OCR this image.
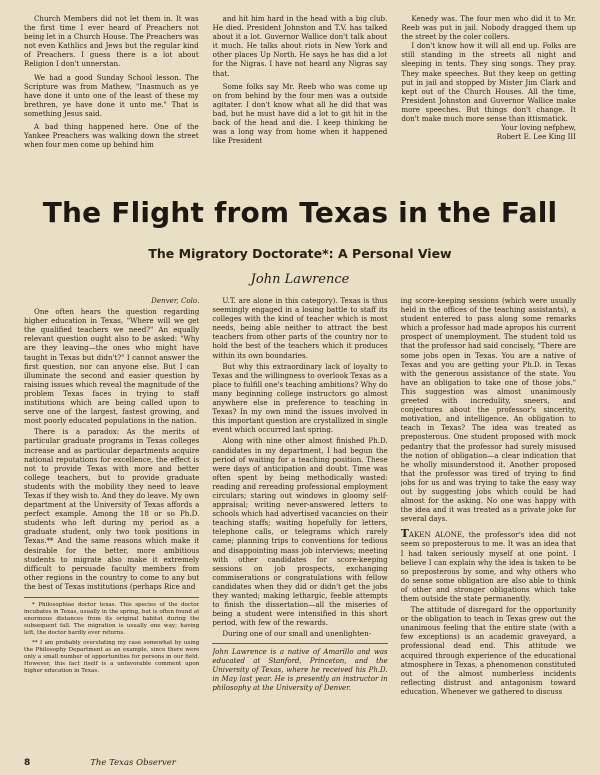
Church Members did not let them in. It was the first time I ever heard of Preachers not being let in a Church House. The Preachers was not even Kathlics and Jews but the regular kind of Preachers. I guess there is a lot about Religion I don't unnerstan.

We had a good Sunday School lesson. The Scripture was from Mathew, "Inasmuch as ye have done it unto one of the least of these my brethren, ye have done it unto me." That is something Jesus said.

A bad thing happened here. One of the Yankee Preachers was walking down the street when four men come up behind him

and hit him hard in the head with a big club. He died. President Johnston and T.V. has talked about it a lot. Guvernor Wallice don't talk about it much. He talks about riots in New York and other places Up North. He says he has did a lot for the Nigras. I have not heard any Nigras say that.

Some folks say Mr. Reeb who was come up on from behind by the four men was a outside agitater. I don't know what all he did that was bad, but he must have did a lot to git hit in the back of the head and die. I keep thinking he was a long way from home when it happened like President

Kenedy was. The four men who did it to Mr. Reeb was put in jail. Nobody dragged them up the street by the coler collers.

I don't know how it will all end up. Folks are still standing in the streets all night and sleeping in tents. They sing songs. They pray. They make speeches. But they keep on getting put in jail and stopped by Mister Jim Clark and kept out of the Church Houses. All the time, President Johnston and Guvernor Wallice make more speeches. But things don't change. It don't make much more sense than ittismatick.

Your loving nefphew,

Robert E. Lee King III

The Flight from Texas in the Fall
The Migratory Doctorate*: A Personal View
John Lawrence

Denver, Colo.

One often hears the question regarding higher education in Texas, "Where will we get the qualified teachers we need?" An equally relevant question ought also to be asked: "Why are they leaving—the ones who might have taught in Texas but didn't?" I cannot answer the first question, nor can anyone else. But I can illuminate the second and easier question by raising issues which reveal the magnitude of the problem Texas faces in trying to staff institutions which are being called upon to serve one of the largest, fastest growing, and most poorly educated populations in the nation.

There is a paradox: As the merits of particular graduate programs in Texas colleges increase and as particular departments acquire national reputations for excellence, the effect is not to provide Texas with more and better college teachers, but to provide graduate students with the mobility they need to leave Texas if they wish to. And they do leave. My own department at the University of Texas affords a perfect example. Among the 18 or so Ph.D. students who left during my period as a graduate student, only two took positions in Texas.** And the same reasons which make it desirable for the better, more ambitious students to migrate also make it extremely difficult to persuade faculty members from other regions in the country to come to any but the best of Texas institutions (perhaps Rice and

* Philosophiae doctor texas. This species of the doctor incubates in Texas, usually in the spring, but is often found at enormous distances from its original habitat during the subsequent fall. The migration is usually one way; having left, the doctor hardly ever returns.

** I am probably overstating my case somewhat by using the Philosophy Department as an example, since there were only a small number of opportunities for persons in our field. However, this fact itself is a unfavorable comment upon higher education in Texas.

U.T. are alone in this category). Texas is thus seemingly engaged in a losing battle to staff its colleges with the kind of teacher which is most needs, being able neither to attract the best teachers from other parts of the country nor to hold the best of the teachers which it produces within its own boundaries.

But why this extraordinary lack of loyalty to Texas and the willingness to overlook Texas as a place to fulfill one's teaching ambitions? Why do many beginning college instructors go almost anywhere else in preference to teaching in Texas? In my own mind the issues involved in this important question are crystallized in single event which occurred last spring.

Along with nine other almost finished Ph.D. candidates in my department, I had begun the period of waiting for a teaching position. These were days of anticipation and doubt. Time was often spent by being methodically wasted: reading and rereading professional employment circulars; staring out windows in gloomy self-appraisal; writing never-answered letters to schools which had advertised vacancies on their teaching staffs; waiting hopefully for letters, telephone calls, or telegrams which rarely came; planning trips to conventions for tedious and disappointing mass job interviews; meeting with other candidates for score-keeping sessions on job prospects, exchanging commiserations or congratulations with fellow candidates when they did or didn't get the jobs they wanted; making lethargic, feeble attempts to finish the dissertation—all the miseries of being a student were intensified in this short period, with few of the rewards.

During one of our small and unenlighten-

John Lawrence is a native of Amarillo and was educated at Stanford, Princeton, and the University of Texas, where he received his Ph.D. in May last year. He is presently an instructor in philosophy at the University of Denver.

ing score-keeping sessions (which were usually held in the offices of the teaching assistants), a student entered to pass along some remarks which a professor had made apropos his current prospect of unemployment. The student told us that the professor had said concisely, "There are some jobs open in Texas. You are a native of Texas and you are getting your Ph.D. in Texas with the generous assistance of the state. You have an obligation to take one of those jobs." This suggestion was almost unanimously greeted with incredulity, sneers, and conjectures about the professor's sincerity, motivation, and intelligence. An obligation to teach in Texas? The idea was treated as preposterous. One student proposed with mock pedantry that the professor had surely misused the notion of obligation—a clear indication that he wholly misunderstood it. Another proposed that the professor was tired of trying to find jobs for us and was trying to take the easy way out by suggesting jobs which could be had almost for the asking. No one was happy with the idea and it was treated as a private joke for several days.

TAKEN ALONE, the professor's idea did not seem so preposterous to me. It was an idea that I had taken seriously myself at one point. I believe I can explain why the idea is taken to be so preposterous by some, and why others who do sense some obligation are also able to think of other and stronger obligations which take them outside the state permanently.

The attitude of disregard for the opportunity or the obligation to teach in Texas grew out the unanimous feeling that the entire state (with a few exceptions) is an academic graveyard, a professional dead end. This attitude we acquired through experience of the educational atmosphere in Texas, a phenomenon constituted out of the almost numberless incidents reflecting distrust and antagonism toward education. Whenever we gathered to discuss

8	The Texas Observer
